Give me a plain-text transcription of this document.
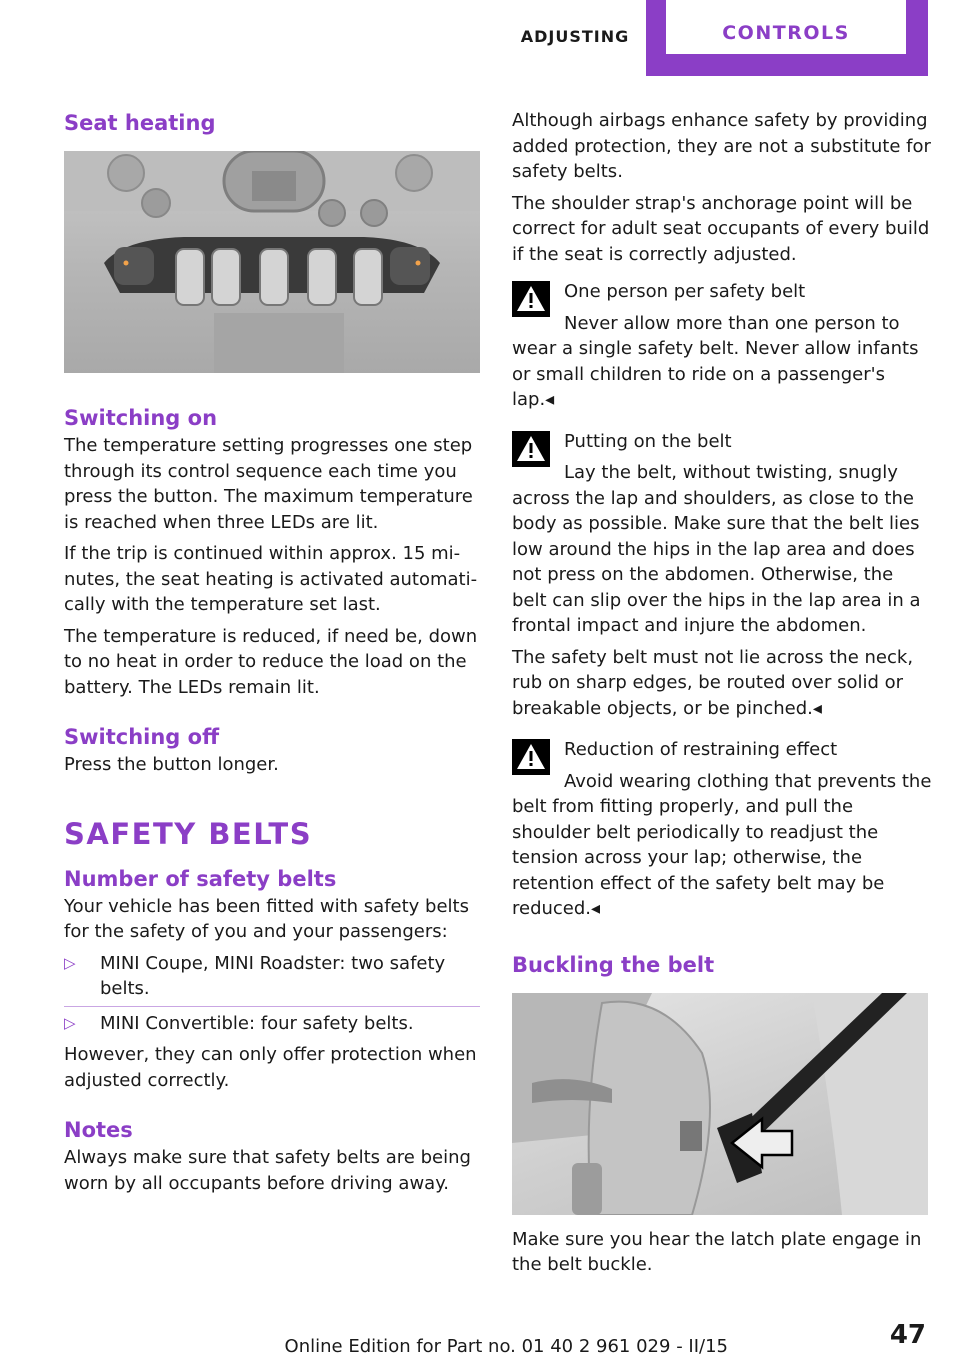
ADJUSTING	CONTROLS
Seat heating
Switching on

The temperature setting progresses one step through its control sequence each time you press the button. The maximum temperature is reached when three LEDs are lit.

If the trip is continued within approx. 15 minutes, the seat heating is activated automatically with the temperature set last.

The temperature is reduced, if need be, down to no heat in order to reduce the load on the battery. The LEDs remain lit.

Switching off

Press the button longer.

SAFETY BELTS
Number of safety belts

Your vehicle has been fitted with safety belts for the safety of you and your passengers:

▷	MINI Coupe, MINI Roadster: two safety belts.
▷	MINI Convertible: four safety belts.

However, they can only offer protection when adjusted correctly.

Notes

Always make sure that safety belts are being worn by all occupants before driving away.

Although airbags enhance safety by providing added protection, they are not a substitute for safety belts.

The shoulder strap's anchorage point will be correct for adult seat occupants of every build if the seat is correctly adjusted.

One person per safety belt

Never allow more than one person to wear a single safety belt. Never allow infants or small children to ride on a passenger's lap.◂

Putting on the belt

Lay the belt, without twisting, snugly across the lap and shoulders, as close to the body as possible. Make sure that the belt lies low around the hips in the lap area and does not press on the abdomen. Otherwise, the belt can slip over the hips in the lap area in a frontal impact and injure the abdomen.

The safety belt must not lie across the neck, rub on sharp edges, be routed over solid or breakable objects, or be pinched.◂

Reduction of restraining effect

Avoid wearing clothing that prevents the belt from fitting properly, and pull the shoulder belt periodically to readjust the tension across your lap; otherwise, the retention effect of the safety belt may be reduced.◂

Buckling the belt

Make sure you hear the latch plate engage in the belt buckle.

Online Edition for Part no. 01 40 2 961 029 - II/15	47
